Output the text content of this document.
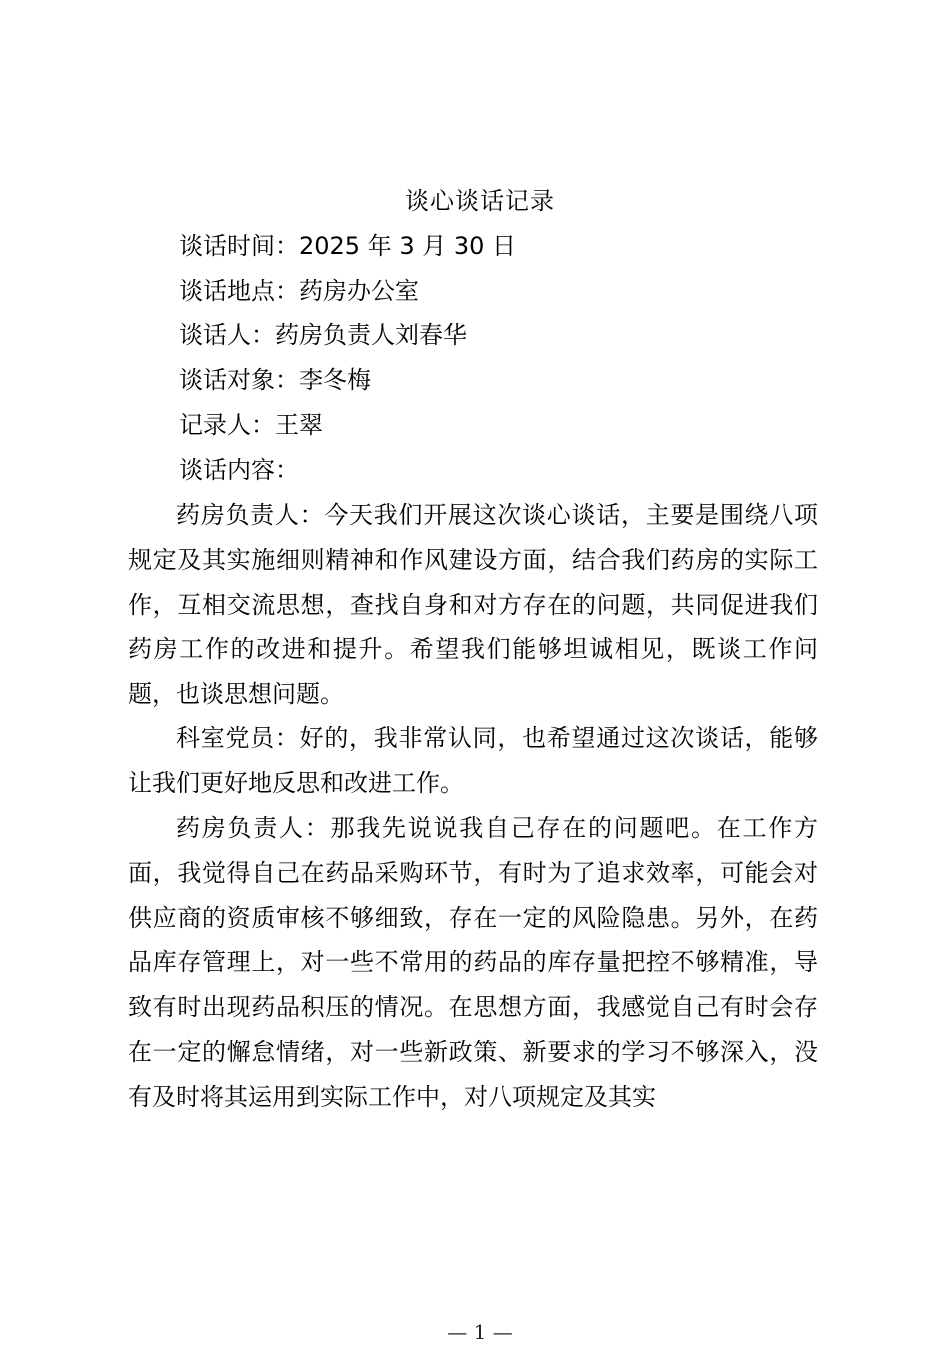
谈心谈话记录
谈话时间：2025 年 3 月 30 日
谈话地点：药房办公室
谈话人：药房负责人刘春华
谈话对象：李冬梅
记录人：王翠
谈话内容：

药房负责人：今天我们开展这次谈心谈话，主要是围绕八项规定及其实施细则精神和作风建设方面，结合我们药房的实际工作，互相交流思想，查找自身和对方存在的问题，共同促进我们药房工作的改进和提升。希望我们能够坦诚相见，既谈工作问题，也谈思想问题。

科室党员：好的，我非常认同，也希望通过这次谈话，能够让我们更好地反思和改进工作。

药房负责人：那我先说说我自己存在的问题吧。在工作方面，我觉得自己在药品采购环节，有时为了追求效率，可能会对供应商的资质审核不够细致，存在一定的风险隐患。另外，在药品库存管理上，对一些不常用的药品的库存量把控不够精准，导致有时出现药品积压的情况。在思想方面，我感觉自己有时会存在一定的懈怠情绪，对一些新政策、新要求的学习不够深入，没有及时将其运用到实际工作中，对八项规定及其实

— 1 —
